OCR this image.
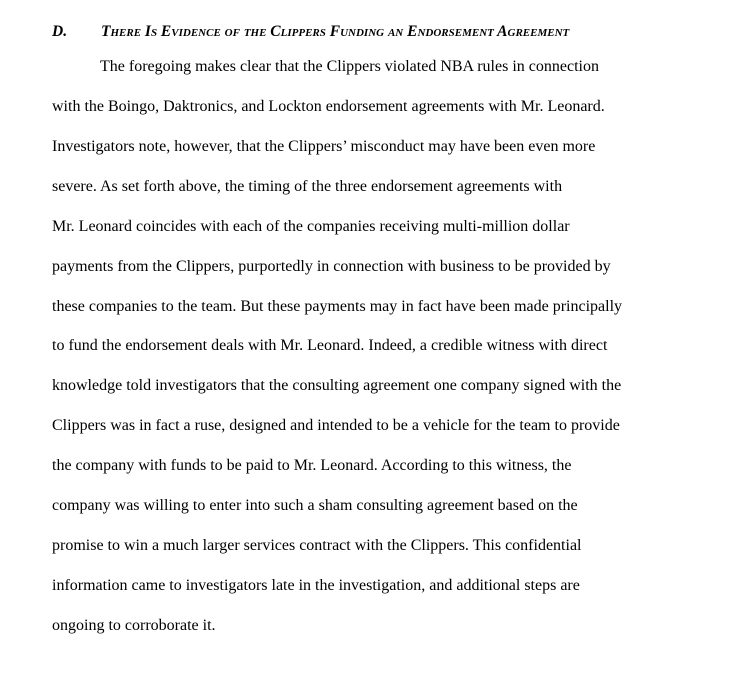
D. There Is Evidence of the Clippers Funding an Endorsement Agreement
The foregoing makes clear that the Clippers violated NBA rules in connection
with the Boingo, Daktronics, and Lockton endorsement agreements with Mr. Leonard.
Investigators note, however, that the Clippers’ misconduct may have been even more
severe. As set forth above, the timing of the three endorsement agreements with
Mr. Leonard coincides with each of the companies receiving multi-million dollar
payments from the Clippers, purportedly in connection with business to be provided by
these companies to the team. But these payments may in fact have been made principally
to fund the endorsement deals with Mr. Leonard. Indeed, a credible witness with direct
knowledge told investigators that the consulting agreement one company signed with the
Clippers was in fact a ruse, designed and intended to be a vehicle for the team to provide
the company with funds to be paid to Mr. Leonard. According to this witness, the
company was willing to enter into such a sham consulting agreement based on the
promise to win a much larger services contract with the Clippers. This confidential
information came to investigators late in the investigation, and additional steps are
ongoing to corroborate it.
